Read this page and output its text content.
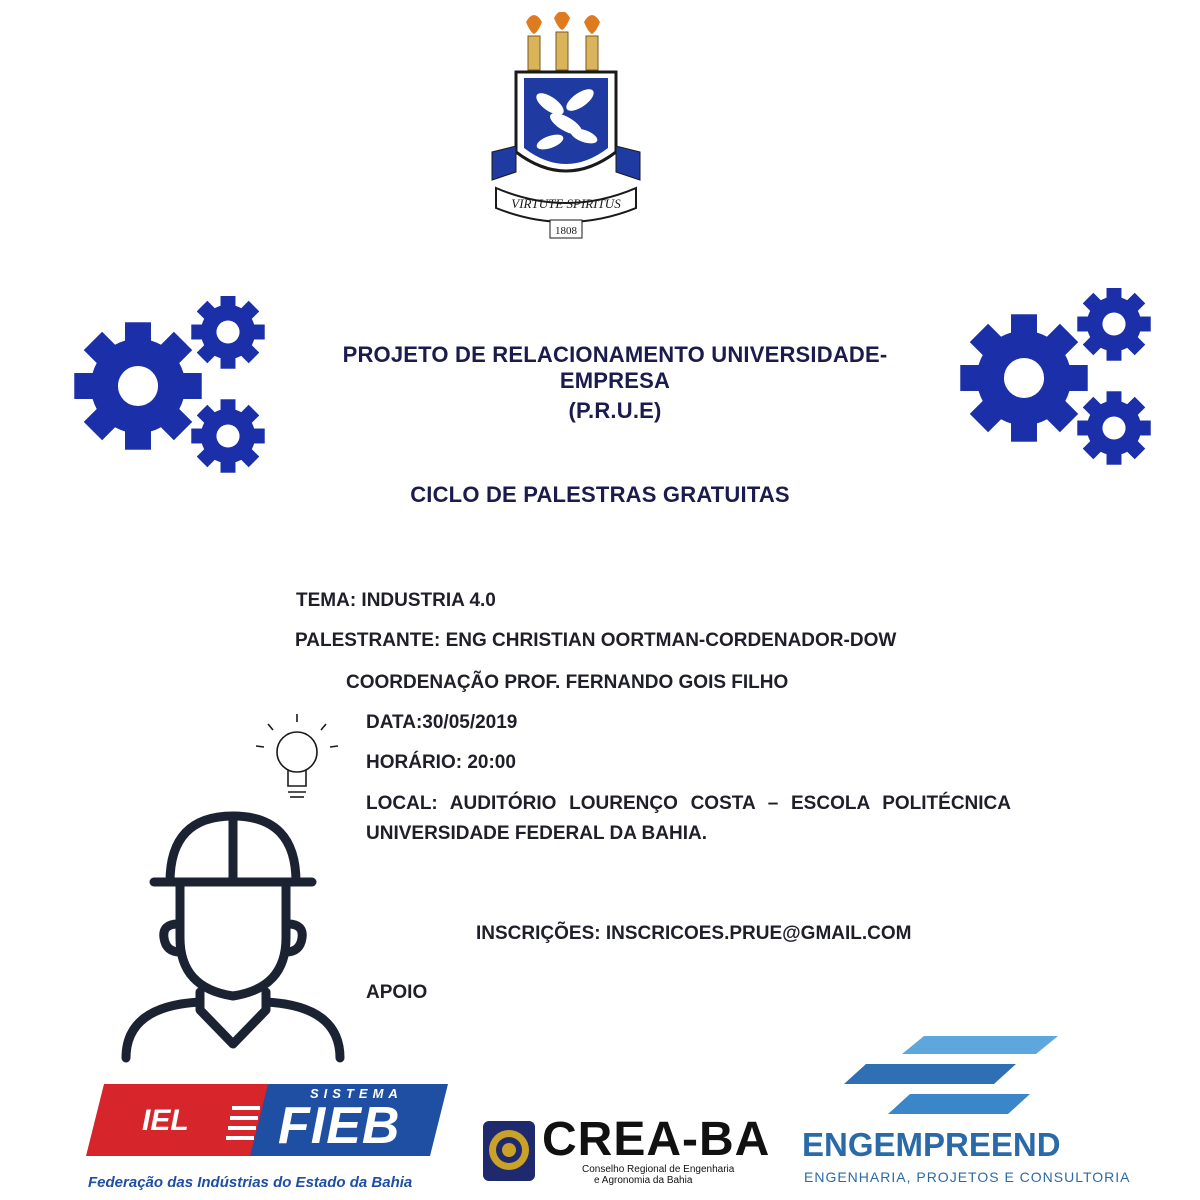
VIRTUTE SPIRITUS
1808
PROJETO DE RELACIONAMENTO UNIVERSIDADE-EMPRESA
(P.R.U.E)
CICLO DE PALESTRAS GRATUITAS
TEMA: INDUSTRIA 4.0
PALESTRANTE: ENG CHRISTIAN OORTMAN-CORDENADOR-DOW
COORDENAÇÃO PROF. FERNANDO GOIS FILHO
DATA:30/05/2019
HORÁRIO: 20:00
LOCAL: AUDITÓRIO LOURENÇO COSTA – ESCOLA POLITÉCNICA
UNIVERSIDADE FEDERAL DA BAHIA.
INSCRIÇÕES: INSCRICOES.PRUE@GMAIL.COM
APOIO
IEL
SISTEMA
FIEB
Federação das Indústrias do Estado da Bahia
CREA-BA
Conselho Regional de Engenharia
e Agronomia da Bahia
ENGEMPREEND
ENGENHARIA, PROJETOS E CONSULTORIA
